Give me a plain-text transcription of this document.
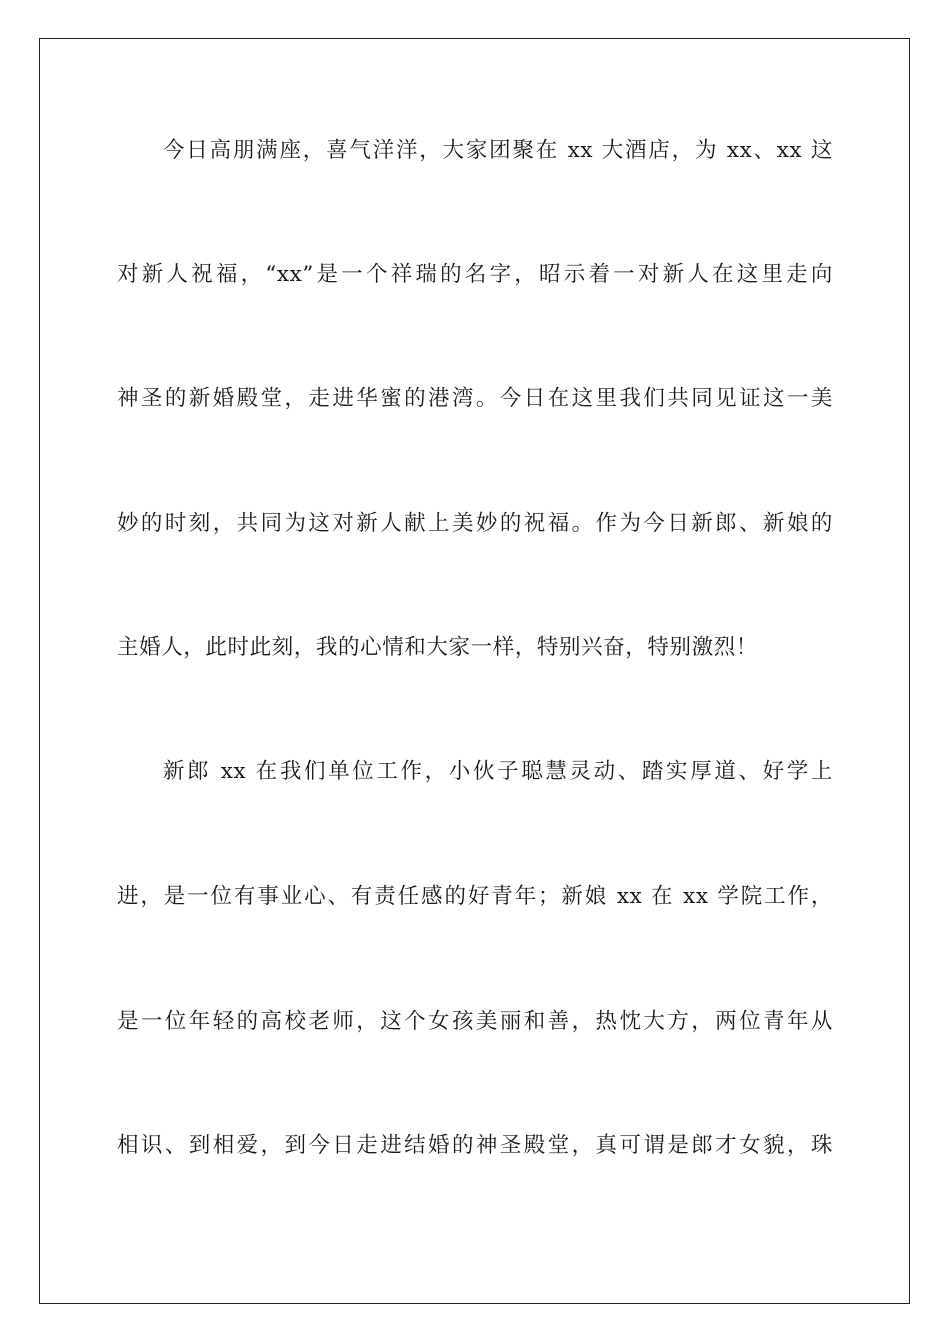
今日高朋满座，喜气洋洋，大家团聚在 xx 大酒店，为 xx、xx 这
对新人祝福，“xx”是一个祥瑞的名字，昭示着一对新人在这里走向
神圣的新婚殿堂，走进华蜜的港湾。今日在这里我们共同见证这一美
妙的时刻，共同为这对新人献上美妙的祝福。作为今日新郎、新娘的
主婚人，此时此刻，我的心情和大家一样，特别兴奋，特别激烈！
新郎 xx 在我们单位工作，小伙子聪慧灵动、踏实厚道、好学上
进，是一位有事业心、有责任感的好青年；新娘 xx 在 xx 学院工作，
是一位年轻的高校老师，这个女孩美丽和善，热忱大方，两位青年从
相识、到相爱，到今日走进结婚的神圣殿堂，真可谓是郎才女貌，珠
